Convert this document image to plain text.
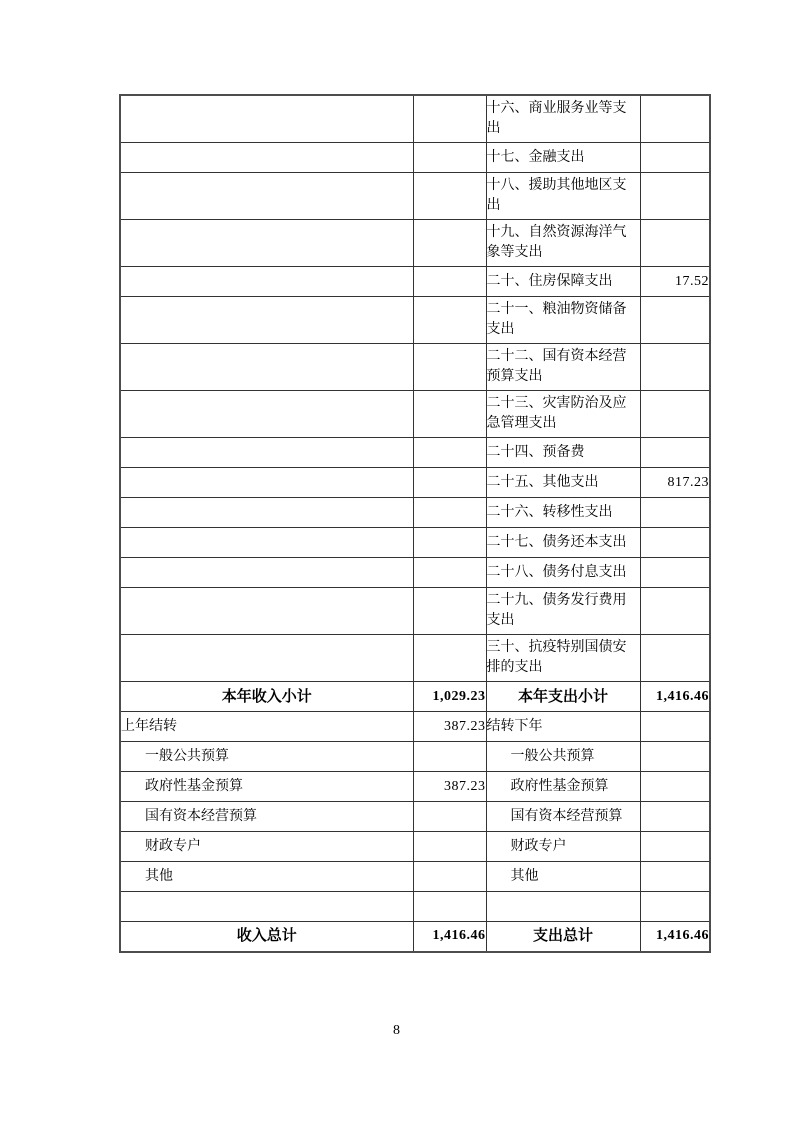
		十六、商业服务业等支出	
		十七、金融支出	
		十八、援助其他地区支出	
		十九、自然资源海洋气象等支出	
		二十、住房保障支出	17.52
		二十一、粮油物资储备支出	
		二十二、国有资本经营预算支出	
		二十三、灾害防治及应急管理支出	
		二十四、预备费	
		二十五、其他支出	817.23
		二十六、转移性支出	
		二十七、债务还本支出	
		二十八、债务付息支出	
		二十九、债务发行费用支出	
		三十、抗疫特别国债安排的支出	
本年收入小计	1,029.23	本年支出小计	1,416.46
上年结转	387.23	结转下年	
一般公共预算		一般公共预算	
政府性基金预算	387.23	政府性基金预算	
国有资本经营预算		国有资本经营预算	
财政专户		财政专户	
其他		其他	

收入总计	1,416.46	支出总计	1,416.46
8
